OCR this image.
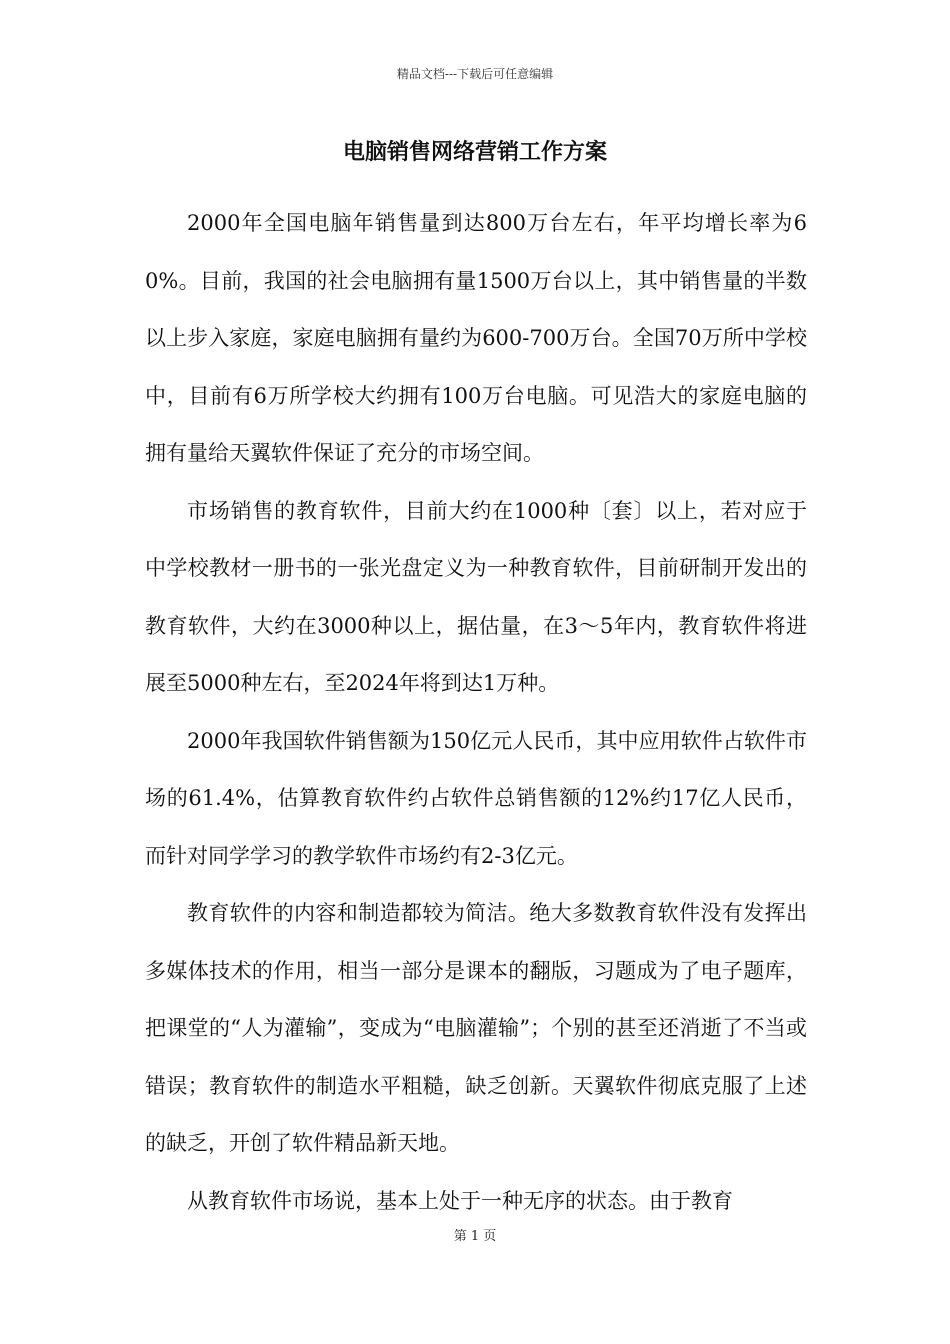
精品文档---下载后可任意编辑
电脑销售网络营销工作方案

2000年全国电脑年销售量到达800万台左右，年平均增长率为60%。目前，我国的社会电脑拥有量1500万台以上，其中销售量的半数以上步入家庭，家庭电脑拥有量约为600-700万台。全国70万所中学校中，目前有6万所学校大约拥有100万台电脑。可见浩大的家庭电脑的拥有量给天翼软件保证了充分的市场空间。

市场销售的教育软件，目前大约在1000种〔套〕以上，若对应于中学校教材一册书的一张光盘定义为一种教育软件，目前研制开发出的教育软件，大约在3000种以上，据估量，在3～5年内，教育软件将进展至5000种左右，至2024年将到达1万种。

2000年我国软件销售额为150亿元人民币，其中应用软件占软件市场的61.4%，估算教育软件约占软件总销售额的12%约17亿人民币，而针对同学学习的教学软件市场约有2-3亿元。

教育软件的内容和制造都较为简洁。绝大多数教育软件没有发挥出多媒体技术的作用，相当一部分是课本的翻版，习题成为了电子题库，把课堂的“人为灌输”，变成为“电脑灌输”；个别的甚至还消逝了不当或错误；教育软件的制造水平粗糙，缺乏创新。天翼软件彻底克服了上述的缺乏，开创了软件精品新天地。

从教育软件市场说，基本上处于一种无序的状态。由于教育

第 1 页
